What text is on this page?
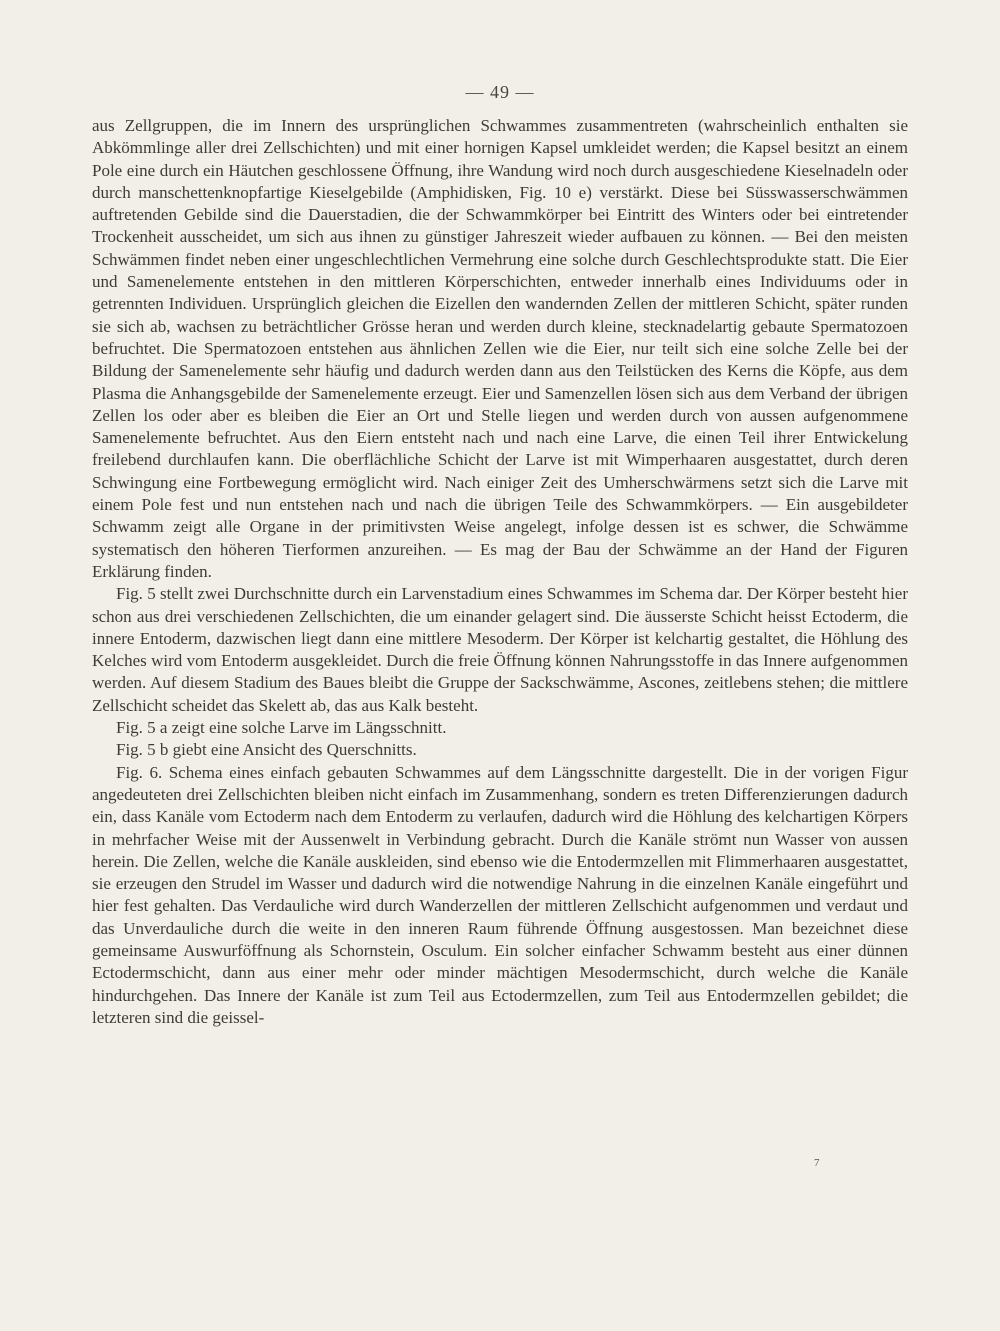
— 49 —

aus Zellgruppen, die im Innern des ursprünglichen Schwammes zusammentreten (wahrscheinlich enthalten sie Abkömmlinge aller drei Zellschichten) und mit einer hornigen Kapsel umkleidet werden; die Kapsel besitzt an einem Pole eine durch ein Häutchen geschlossene Öffnung, ihre Wandung wird noch durch ausgeschiedene Kieselnadeln oder durch manschettenknopfartige Kieselgebilde (Amphidisken, Fig. 10 e) verstärkt. Diese bei Süsswasserschwämmen auftretenden Gebilde sind die Dauerstadien, die der Schwammkörper bei Eintritt des Winters oder bei eintretender Trockenheit ausscheidet, um sich aus ihnen zu günstiger Jahreszeit wieder aufbauen zu können. — Bei den meisten Schwämmen findet neben einer ungeschlechtlichen Vermehrung eine solche durch Geschlechtsprodukte statt. Die Eier und Samenelemente entstehen in den mittleren Körperschichten, entweder innerhalb eines Individuums oder in getrennten Individuen. Ursprünglich gleichen die Eizellen den wandernden Zellen der mittleren Schicht, später runden sie sich ab, wachsen zu beträchtlicher Grösse heran und werden durch kleine, stecknadelartig gebaute Spermatozoen befruchtet. Die Spermatozoen entstehen aus ähnlichen Zellen wie die Eier, nur teilt sich eine solche Zelle bei der Bildung der Samenelemente sehr häufig und dadurch werden dann aus den Teilstücken des Kerns die Köpfe, aus dem Plasma die Anhangsgebilde der Samenelemente erzeugt. Eier und Samenzellen lösen sich aus dem Verband der übrigen Zellen los oder aber es bleiben die Eier an Ort und Stelle liegen und werden durch von aussen aufgenommene Samenelemente befruchtet. Aus den Eiern entsteht nach und nach eine Larve, die einen Teil ihrer Entwickelung freilebend durchlaufen kann. Die oberflächliche Schicht der Larve ist mit Wimperhaaren ausgestattet, durch deren Schwingung eine Fortbewegung ermöglicht wird. Nach einiger Zeit des Umherschwärmens setzt sich die Larve mit einem Pole fest und nun entstehen nach und nach die übrigen Teile des Schwammkörpers. — Ein ausgebildeter Schwamm zeigt alle Organe in der primitivsten Weise angelegt, infolge dessen ist es schwer, die Schwämme systematisch den höheren Tierformen anzureihen. — Es mag der Bau der Schwämme an der Hand der Figuren Erklärung finden.

Fig. 5 stellt zwei Durchschnitte durch ein Larvenstadium eines Schwammes im Schema dar. Der Körper besteht hier schon aus drei verschiedenen Zellschichten, die um einander gelagert sind. Die äusserste Schicht heisst Ectoderm, die innere Entoderm, dazwischen liegt dann eine mittlere Mesoderm. Der Körper ist kelchartig gestaltet, die Höhlung des Kelches wird vom Entoderm ausgekleidet. Durch die freie Öffnung können Nahrungsstoffe in das Innere aufgenommen werden. Auf diesem Stadium des Baues bleibt die Gruppe der Sackschwämme, Ascones, zeitlebens stehen; die mittlere Zellschicht scheidet das Skelett ab, das aus Kalk besteht.

Fig. 5 a zeigt eine solche Larve im Längsschnitt.

Fig. 5 b giebt eine Ansicht des Querschnitts.

Fig. 6. Schema eines einfach gebauten Schwammes auf dem Längsschnitte dargestellt. Die in der vorigen Figur angedeuteten drei Zellschichten bleiben nicht einfach im Zusammenhang, sondern es treten Differenzierungen dadurch ein, dass Kanäle vom Ectoderm nach dem Entoderm zu verlaufen, dadurch wird die Höhlung des kelchartigen Körpers in mehrfacher Weise mit der Aussenwelt in Verbindung gebracht. Durch die Kanäle strömt nun Wasser von aussen herein. Die Zellen, welche die Kanäle auskleiden, sind ebenso wie die Entodermzellen mit Flimmerhaaren ausgestattet, sie erzeugen den Strudel im Wasser und dadurch wird die notwendige Nahrung in die einzelnen Kanäle eingeführt und hier fest gehalten. Das Verdauliche wird durch Wanderzellen der mittleren Zellschicht aufgenommen und verdaut und das Unverdauliche durch die weite in den inneren Raum führende Öffnung ausgestossen. Man bezeichnet diese gemeinsame Auswurföffnung als Schornstein, Osculum. Ein solcher einfacher Schwamm besteht aus einer dünnen Ectodermschicht, dann aus einer mehr oder minder mächtigen Mesodermschicht, durch welche die Kanäle hindurchgehen. Das Innere der Kanäle ist zum Teil aus Ectodermzellen, zum Teil aus Entodermzellen gebildet; die letzteren sind die geissel-

7
